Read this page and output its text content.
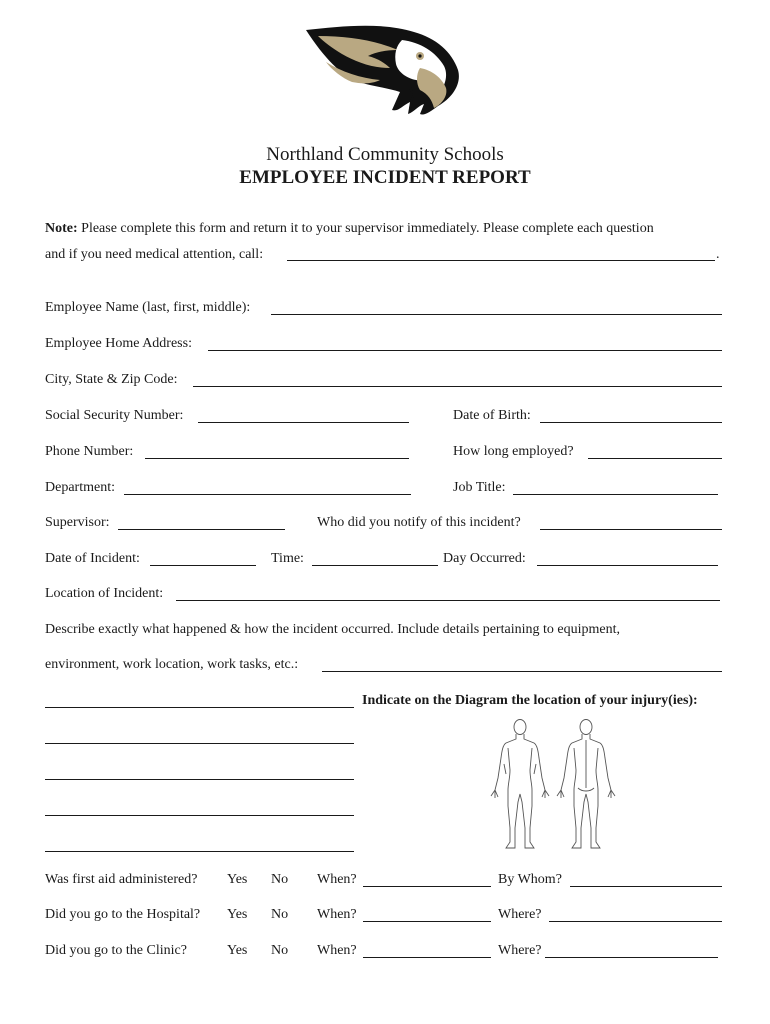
Northland Community Schools
EMPLOYEE INCIDENT REPORT
Note: Please complete this form and return it to your supervisor immediately. Please complete each question
and if you need medical attention, call:	.
Employee Name (last, first, middle):
Employee Home Address:
City, State & Zip Code:
Social Security Number:	Date of Birth:
Phone Number:	How long employed?
Department:	Job Title:
Supervisor:	Who did you notify of this incident?
Date of Incident:	Time:	Day Occurred:
Location of Incident:
Describe exactly what happened & how the incident occurred. Include details pertaining to equipment,
environment, work location, work tasks, etc.:
Indicate on the Diagram the location of your injury(ies):
Was first aid administered? Yes No When?	By Whom?
Did you go to the Hospital? Yes No When?	Where?
Did you go to the Clinic?	Yes No When?	Where?
